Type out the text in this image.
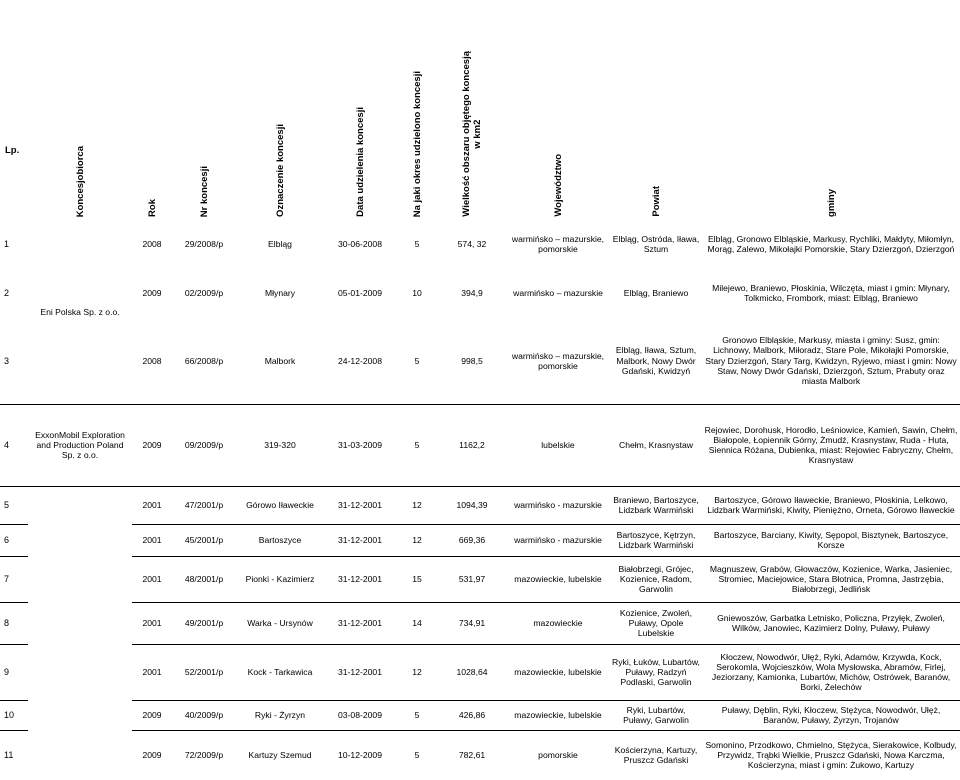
Lp.	Koncesjobiorca	Rok	Nr koncesji	Oznaczenie koncesji	Data udzielenia koncesji	Na jaki okres udzielono koncesji	Wielkość obszaru objętego koncesją
w km2	Województwo	Powiat	gminy
1	Eni Polska Sp. z o.o.	2008	29/2008/p	Elbląg	30-06-2008	5	574, 32	warmińsko – mazurskie, pomorskie	Elbląg, Ostróda, Iława, Sztum	Elbląg, Gronowo Elbląskie, Markusy, Rychliki, Małdyty, Miłomłyn, Morąg, Zalewo, Mikołajki Pomorskie, Stary Dzierzgoń, Dzierzgoń
2		2009	02/2009/p	Młynary	05-01-2009	10	394,9	warmińsko – mazurskie	Elbląg, Braniewo	Milejewo, Braniewo, Płoskinia, Wilczęta, miast i gmin: Młynary, Tolkmicko, Frombork, miast: Elbląg, Braniewo
3		2008	66/2008/p	Malbork	24-12-2008	5	998,5	warmińsko – mazurskie, pomorskie	Elbląg, Iława, Sztum, Malbork, Nowy Dwór Gdański, Kwidzyń	Gronowo Elbląskie, Markusy, miasta i gminy: Susz, gmin: Lichnowy, Malbork, Miłoradz, Stare Pole, Mikołajki Pomorskie, Stary Dzierzgoń, Stary Targ, Kwidzyn, Ryjewo, miast i gmin: Nowy Staw, Nowy Dwór Gdański, Dzierzgoń, Sztum, Prabuty oraz miasta Malbork
4	ExxonMobil Exploration and Production Poland Sp. z o.o.	2009	09/2009/p	319-320	31-03-2009	5	1162,2	lubelskie	Chełm, Krasnystaw	Rejowiec, Dorohusk, Horodło, Leśniowice, Kamień, Sawin, Chełm, Białopole, Łopiennik Górny, Żmudź, Krasnystaw, Ruda - Huta, Siennica Różana, Dubienka, miast: Rejowiec Fabryczny, Chełm, Krasnystaw
5		2001	47/2001/p	Górowo Iławeckie	31-12-2001	12	1094,39	warmińsko - mazurskie	Braniewo, Bartoszyce, Lidzbark Warmiński	Bartoszyce, Górowo Iławeckie, Braniewo, Płoskinia, Lelkowo, Lidzbark Warmiński, Kiwity, Pieniężno, Orneta, Górowo Iławeckie
6		2001	45/2001/p	Bartoszyce	31-12-2001	12	669,36	warmińsko - mazurskie	Bartoszyce, Kętrzyn, Lidzbark Warmiński	Bartoszyce, Barciany, Kiwity, Sępopol, Bisztynek, Bartoszyce, Korsze
7		2001	48/2001/p	Pionki - Kazimierz	31-12-2001	15	531,97	mazowieckie, lubelskie	Białobrzegi, Grójec, Kozienice, Radom, Garwolin	Magnuszew, Grabów, Głowaczów, Kozienice, Warka, Jasieniec, Stromiec, Maciejowice, Stara Błotnica, Promna, Jastrzębia, Białobrzegi, Jedlińsk
8		2001	49/2001/p	Warka - Ursynów	31-12-2001	14	734,91	mazowieckie	Kozienice, Zwoleń, Puławy, Opole Lubelskie	Gniewoszów, Garbatka Letnisko, Policzna, Przyłęk, Zwoleń, Wilków, Janowiec, Kazimierz Dolny, Puławy, Puławy
9		2001	52/2001/p	Kock - Tarkawica	31-12-2001	12	1028,64	mazowieckie, lubelskie	Ryki, Łuków, Lubartów, Puławy, Radzyń Podlaski, Garwolin	Kłoczew, Nowodwór, Ułęż, Ryki, Adamów, Krzywda, Kock, Serokomla, Wojcieszków, Wola Mysłowska, Abramów, Firlej, Jeziorzany, Kamionka, Lubartów, Michów, Ostrówek, Baranów, Borki, Żelechów
10		2009	40/2009/p	Ryki - Żyrzyn	03-08-2009	5	426,86	mazowieckie, lubelskie	Ryki, Lubartów, Puławy, Garwolin	Puławy, Dęblin, Ryki, Kłoczew, Stężyca, Nowodwór, Ułęż, Baranów, Puławy, Żyrzyn, Trojanów
11		2009	72/2009/p	Kartuzy Szemud	10-12-2009	5	782,61	pomorskie	Kościerzyna, Kartuzy, Pruszcz Gdański	Somonino, Przodkowo, Chmielno, Stężyca, Sierakowice, Kolbudy, Przywidz, Trąbki Wielkie, Pruszcz Gdański, Nowa Karczma, Kościerzyna, miast i gmin: Żukowo, Kartuzy
